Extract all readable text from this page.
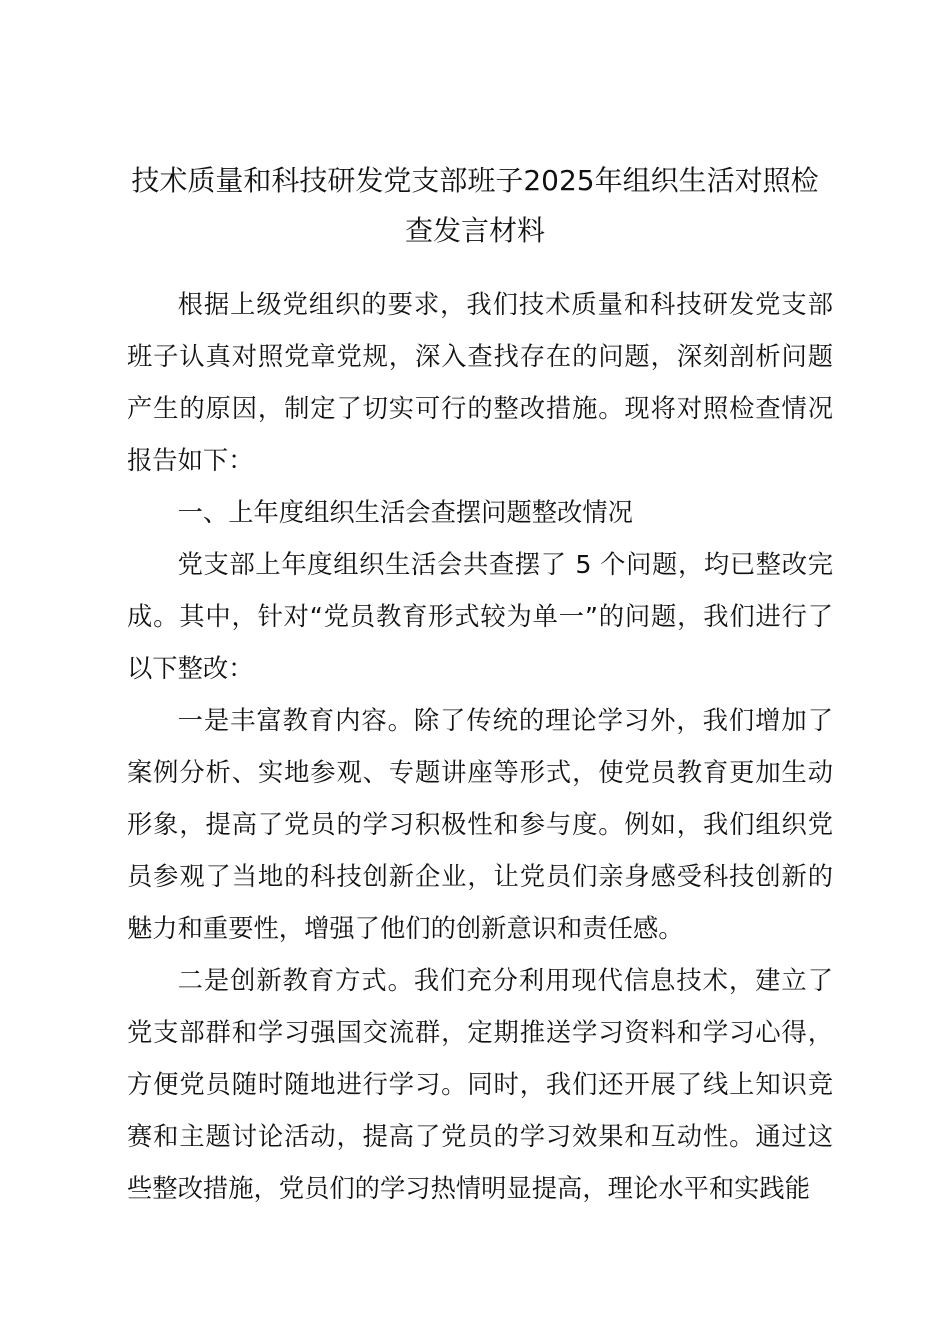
技术质量和科技研发党支部班子2025年组织生活对照检查发言材料

根据上级党组织的要求，我们技术质量和科技研发党支部班子认真对照党章党规，深入查找存在的问题，深刻剖析问题产生的原因，制定了切实可行的整改措施。现将对照检查情况报告如下：

一、上年度组织生活会查摆问题整改情况

党支部上年度组织生活会共查摆了 5 个问题，均已整改完成。其中，针对“党员教育形式较为单一”的问题，我们进行了以下整改：

一是丰富教育内容。除了传统的理论学习外，我们增加了案例分析、实地参观、专题讲座等形式，使党员教育更加生动形象，提高了党员的学习积极性和参与度。例如，我们组织党员参观了当地的科技创新企业，让党员们亲身感受科技创新的魅力和重要性，增强了他们的创新意识和责任感。

二是创新教育方式。我们充分利用现代信息技术，建立了党支部群和学习强国交流群，定期推送学习资料和学习心得，方便党员随时随地进行学习。同时，我们还开展了线上知识竞赛和主题讨论活动，提高了党员的学习效果和互动性。通过这些整改措施，党员们的学习热情明显提高，理论水平和实践能
